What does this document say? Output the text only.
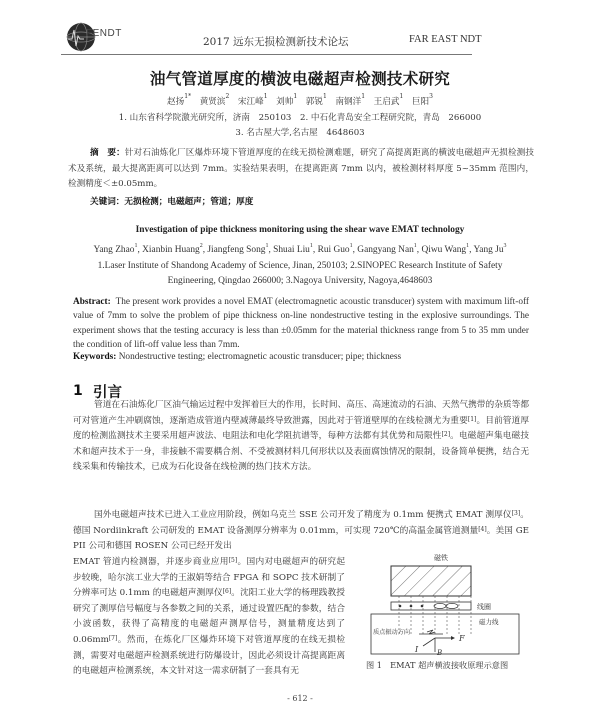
FENDT
2017 远东无损检测新技术论坛	FAR EAST NDT
油气管道厚度的横波电磁超声检测技术研究
赵扬$^{1*}$　黄贤滨$^2$　宋江峰$^1$　刘帅$^1$　郭锐$^1$　南钢洋$^1$　王启武$^1$　巨阳$^3$
1. 山东省科学院激光研究所，济南　250103　2. 中石化青岛安全工程研究院，青岛　266000
3. 名古屋大学,名古屋　4648603
摘　要：针对石油炼化厂区爆炸环境下管道厚度的在线无损检测难题，研究了高提离距离的横波电磁超声无损检测技术及系统，最大提离距离可以达到 7mm。实验结果表明，在提离距离 7mm 以内，被检测材料厚度 5~35mm 范围内，检测精度＜±0.05mm。
关键词：无损检测；电磁超声；管道；厚度
Investigation of pipe thickness monitoring using the shear wave EMAT technology
Yang Zhao$^1$, Xianbin Huang$^2$, Jiangfeng Song$^1$, Shuai Liu$^1$, Rui Guo$^1$, Gangyang Nan$^1$, Qiwu Wang$^1$, Yang Ju$^3$
1.Laser Institute of Shandong Academy of Science, Jinan, 250103; 2.SINOPEC Research Institute of Safety
Engineering, Qingdao 266000; 3.Nagoya University, Nagoya,4648603
Abstract: The present work provides a novel EMAT (electromagnetic acoustic transducer) system with maximum lift-off value of 7mm to solve the problem of pipe thickness on-line nondestructive testing in the explosive surroundings. The experiment shows that the testing accuracy is less than ±0.05mm for the material thickness range from 5 to 35 mm under the condition of lift-off value less than 7mm.
Keywords: Nondestructive testing; electromagnetic acoustic transducer; pipe; thickness
1 引言
管道在石油炼化厂区油气输运过程中发挥着巨大的作用，长时间、高压、高速流动的石油、天然气携带的杂质等都可对管道产生冲刷腐蚀，逐渐造成管道内壁减薄最终导致泄露，因此对于管道壁厚的在线检测尤为重要[1]。目前管道厚度的检测监测技术主要采用超声波法、电阻法和电化学阻抗谱等，每种方法都有其优势和局限性[2]。电磁超声集电磁技术和超声技术于一身，非接触不需要耦合剂、不受被测材料几何形状以及表面腐蚀情况的限制，设备简单便携，结合无线采集和传输技术，已成为石化设备在线检测的热门技术方法。
国外电磁超声技术已进入工业应用阶段，例如乌克兰 SSE 公司开发了精度为 0.1mm 便携式 EMAT 测厚仪[3]。德国 Nordiinkraft 公司研发的 EMAT 设备测厚分辨率为 0.01mm，可实现 720℃的高温金属管道测量[4]。美国 GE PII 公司和德国 ROSEN 公司已经开发出
EMAT 管道内检测器，并逐步商业应用[5]。国内对电磁超声的研究起步较晚，哈尔滨工业大学的王淑娟等结合 FPGA 和 SOPC 技术研制了分辨率可达 0.1mm 的电磁超声测厚仪[6]。沈阳工业大学的杨理践教授研究了测厚信号幅度与各参数之间的关系，通过设置匹配的参数，结合小波函数，获得了高精度的电磁超声测厚信号，测量精度达到了 0.06mm[7]。然而，在炼化厂区爆炸环境下对管道厚度的在线无损检测，需要对电磁超声检测系统进行防爆设计，因此必须设计高提离距离的电磁超声检测系统，本文针对这一需求研制了一套具有无
磁铁
线圈
磁力线
质点振动方向
F
I	B
图 1　EMAT 超声横波接收原理示意图
- 612 -
